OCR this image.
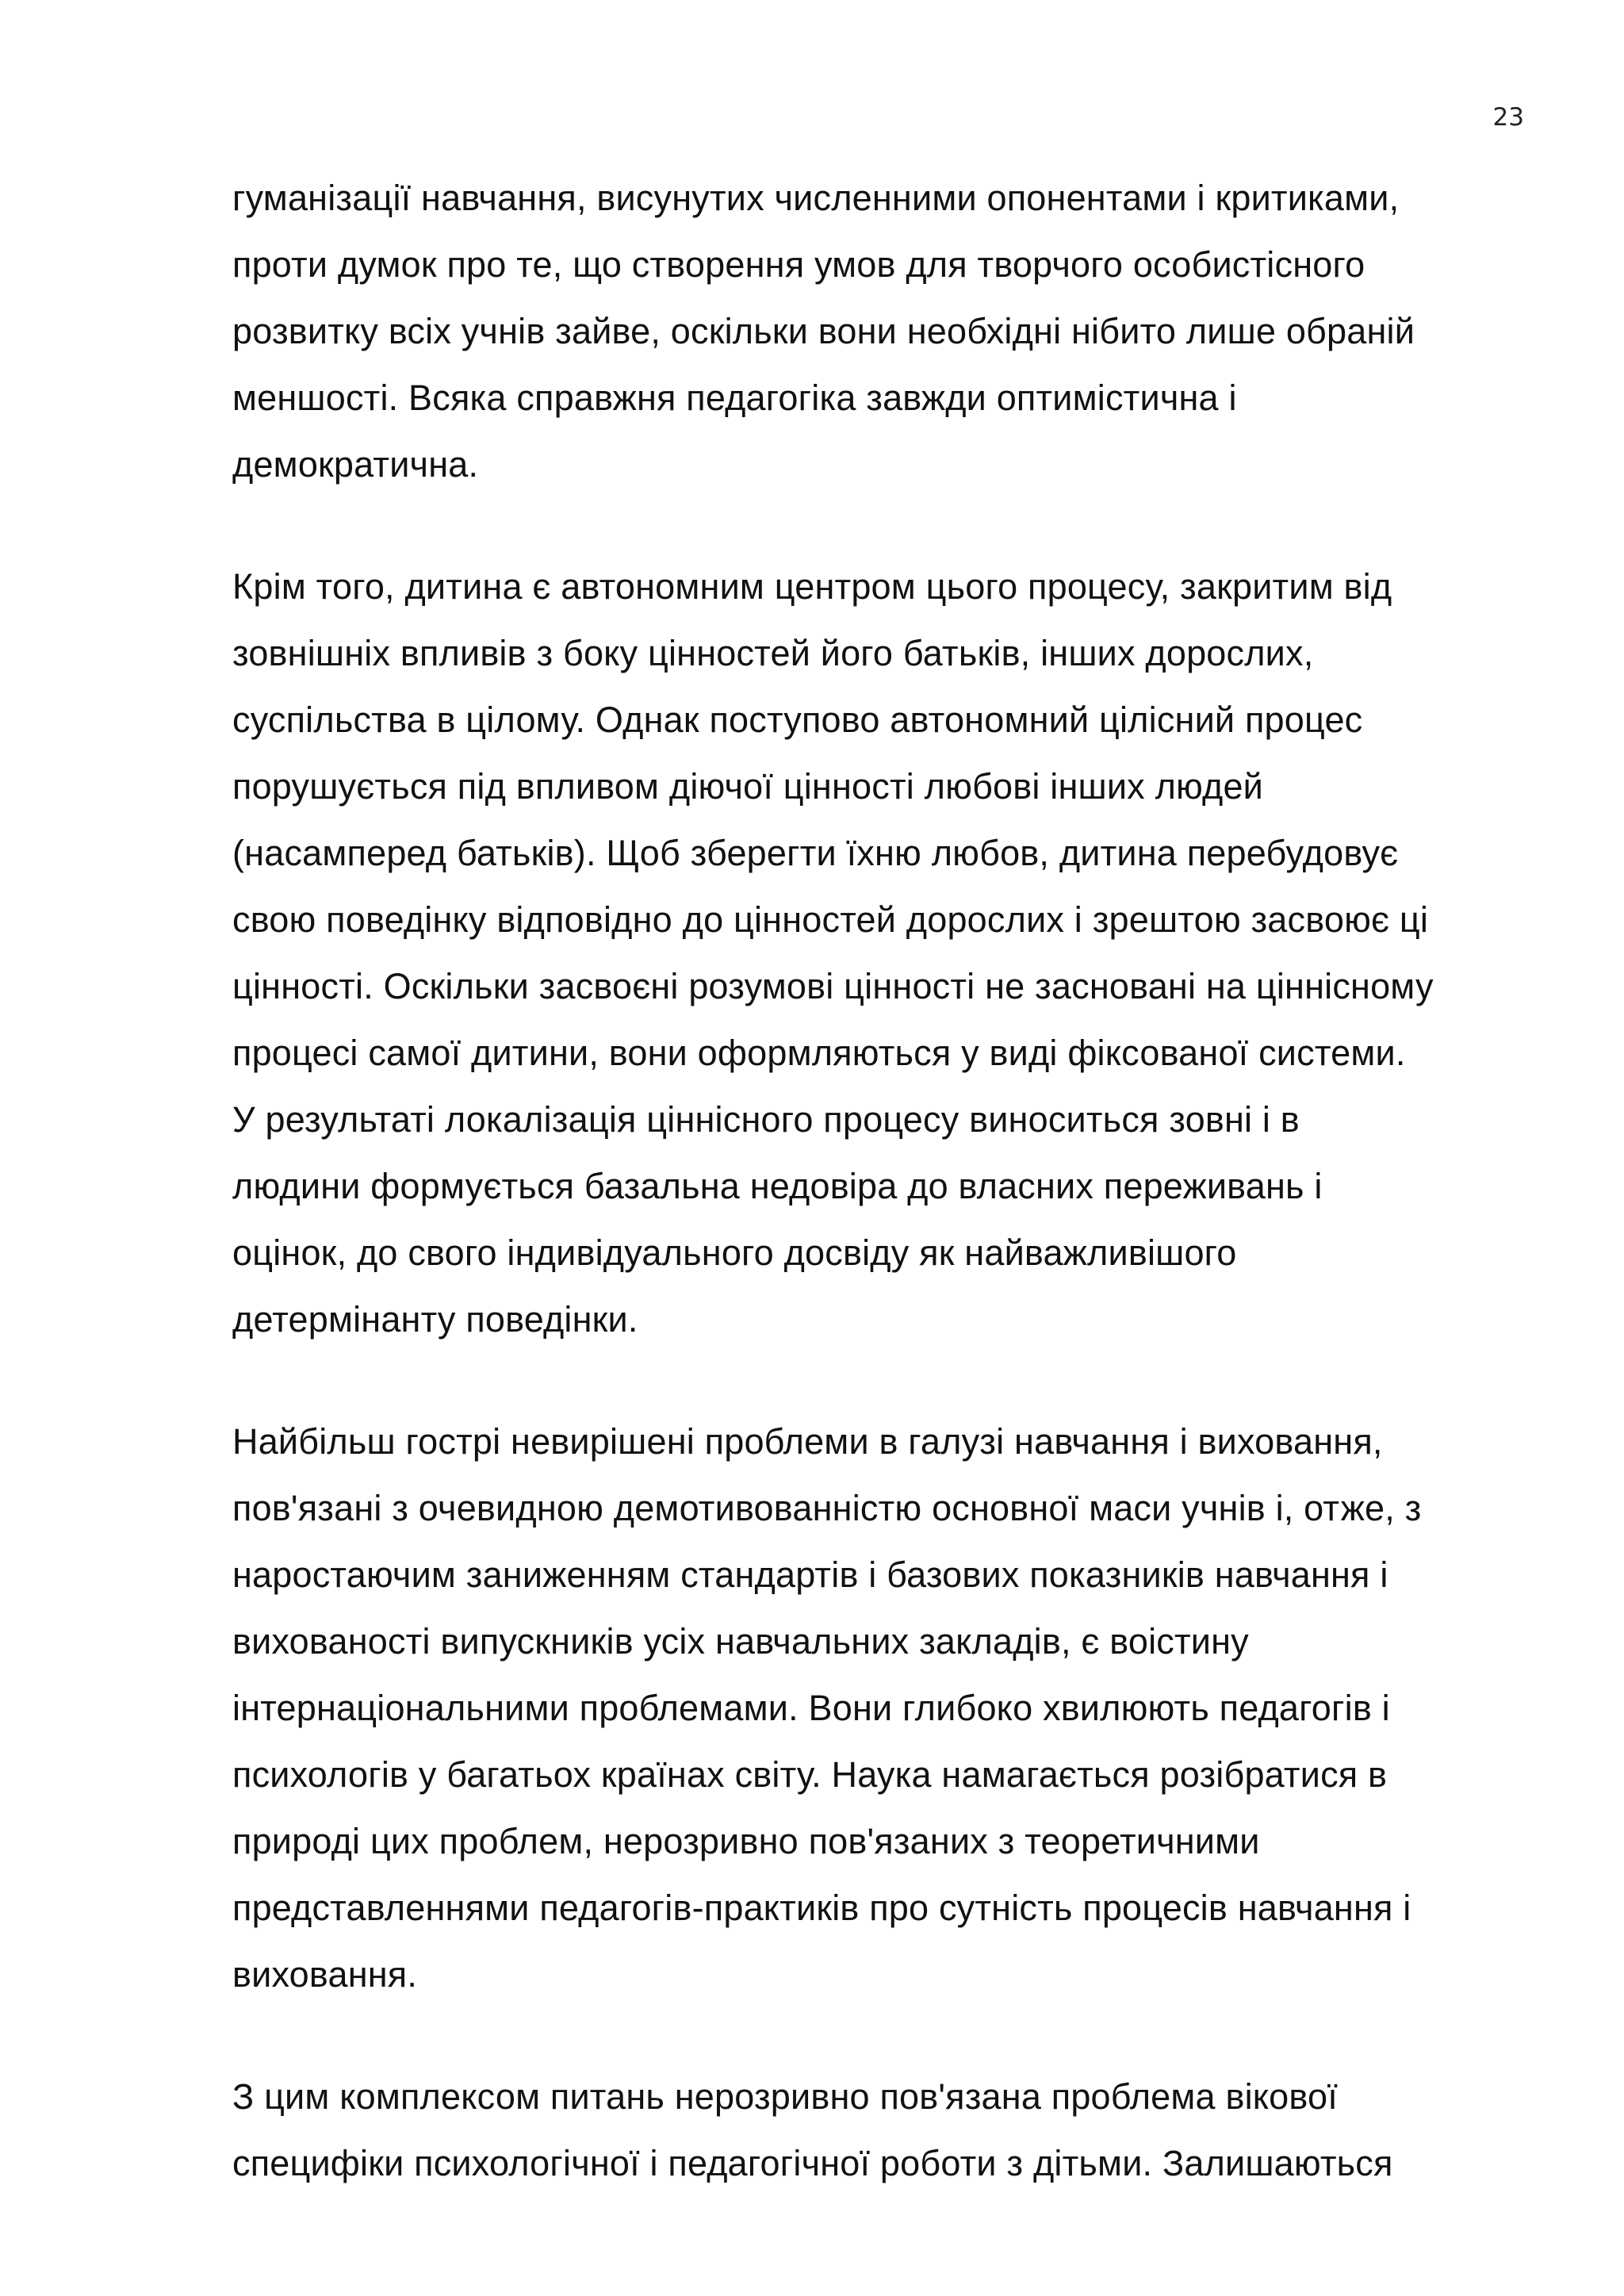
23
гуманізації навчання, висунутих численними опонентами і критиками,
проти думок про те, що створення умов для творчого особистісного
розвитку всіх учнів зайве, оскільки вони необхідні нібито лише обраній
меншості. Всяка справжня педагогіка завжди оптимістична і
демократична.
Крім того, дитина є автономним центром цього процесу, закритим від
зовнішніх впливів з боку цінностей його батьків, інших дорослих,
суспільства в цілому. Однак поступово автономний цілісний процес
порушується під впливом діючої цінності любові інших людей
(насамперед батьків). Щоб зберегти їхню любов, дитина перебудовує
свою поведінку відповідно до цінностей дорослих і зрештою засвоює ці
цінності. Оскільки засвоєні розумові цінності не засновані на ціннісному
процесі самої дитини, вони оформляються у виді фіксованої системи.
У результаті локалізація ціннісного процесу виноситься зовні і в
людини формується базальна недовіра до власних переживань і
оцінок, до свого індивідуального досвіду як найважливішого
детермінанту поведінки.
Найбільш гострі невирішені проблеми в галузі навчання і виховання,
пов'язані з очевидною демотивованністю основної маси учнів і, отже, з
наростаючим заниженням стандартів і базових показників навчання і
вихованості випускників усіх навчальних закладів, є воістину
інтернаціональними проблемами. Вони глибоко хвилюють педагогів і
психологів у багатьох країнах світу. Наука намагається розібратися в
природі цих проблем, нерозривно пов'язаних з теоретичними
представленнями педагогів-практиків про сутність процесів навчання і
виховання.
З цим комплексом питань нерозривно пов'язана проблема вікової
специфіки психологічної і педагогічної роботи з дітьми. Залишаються
